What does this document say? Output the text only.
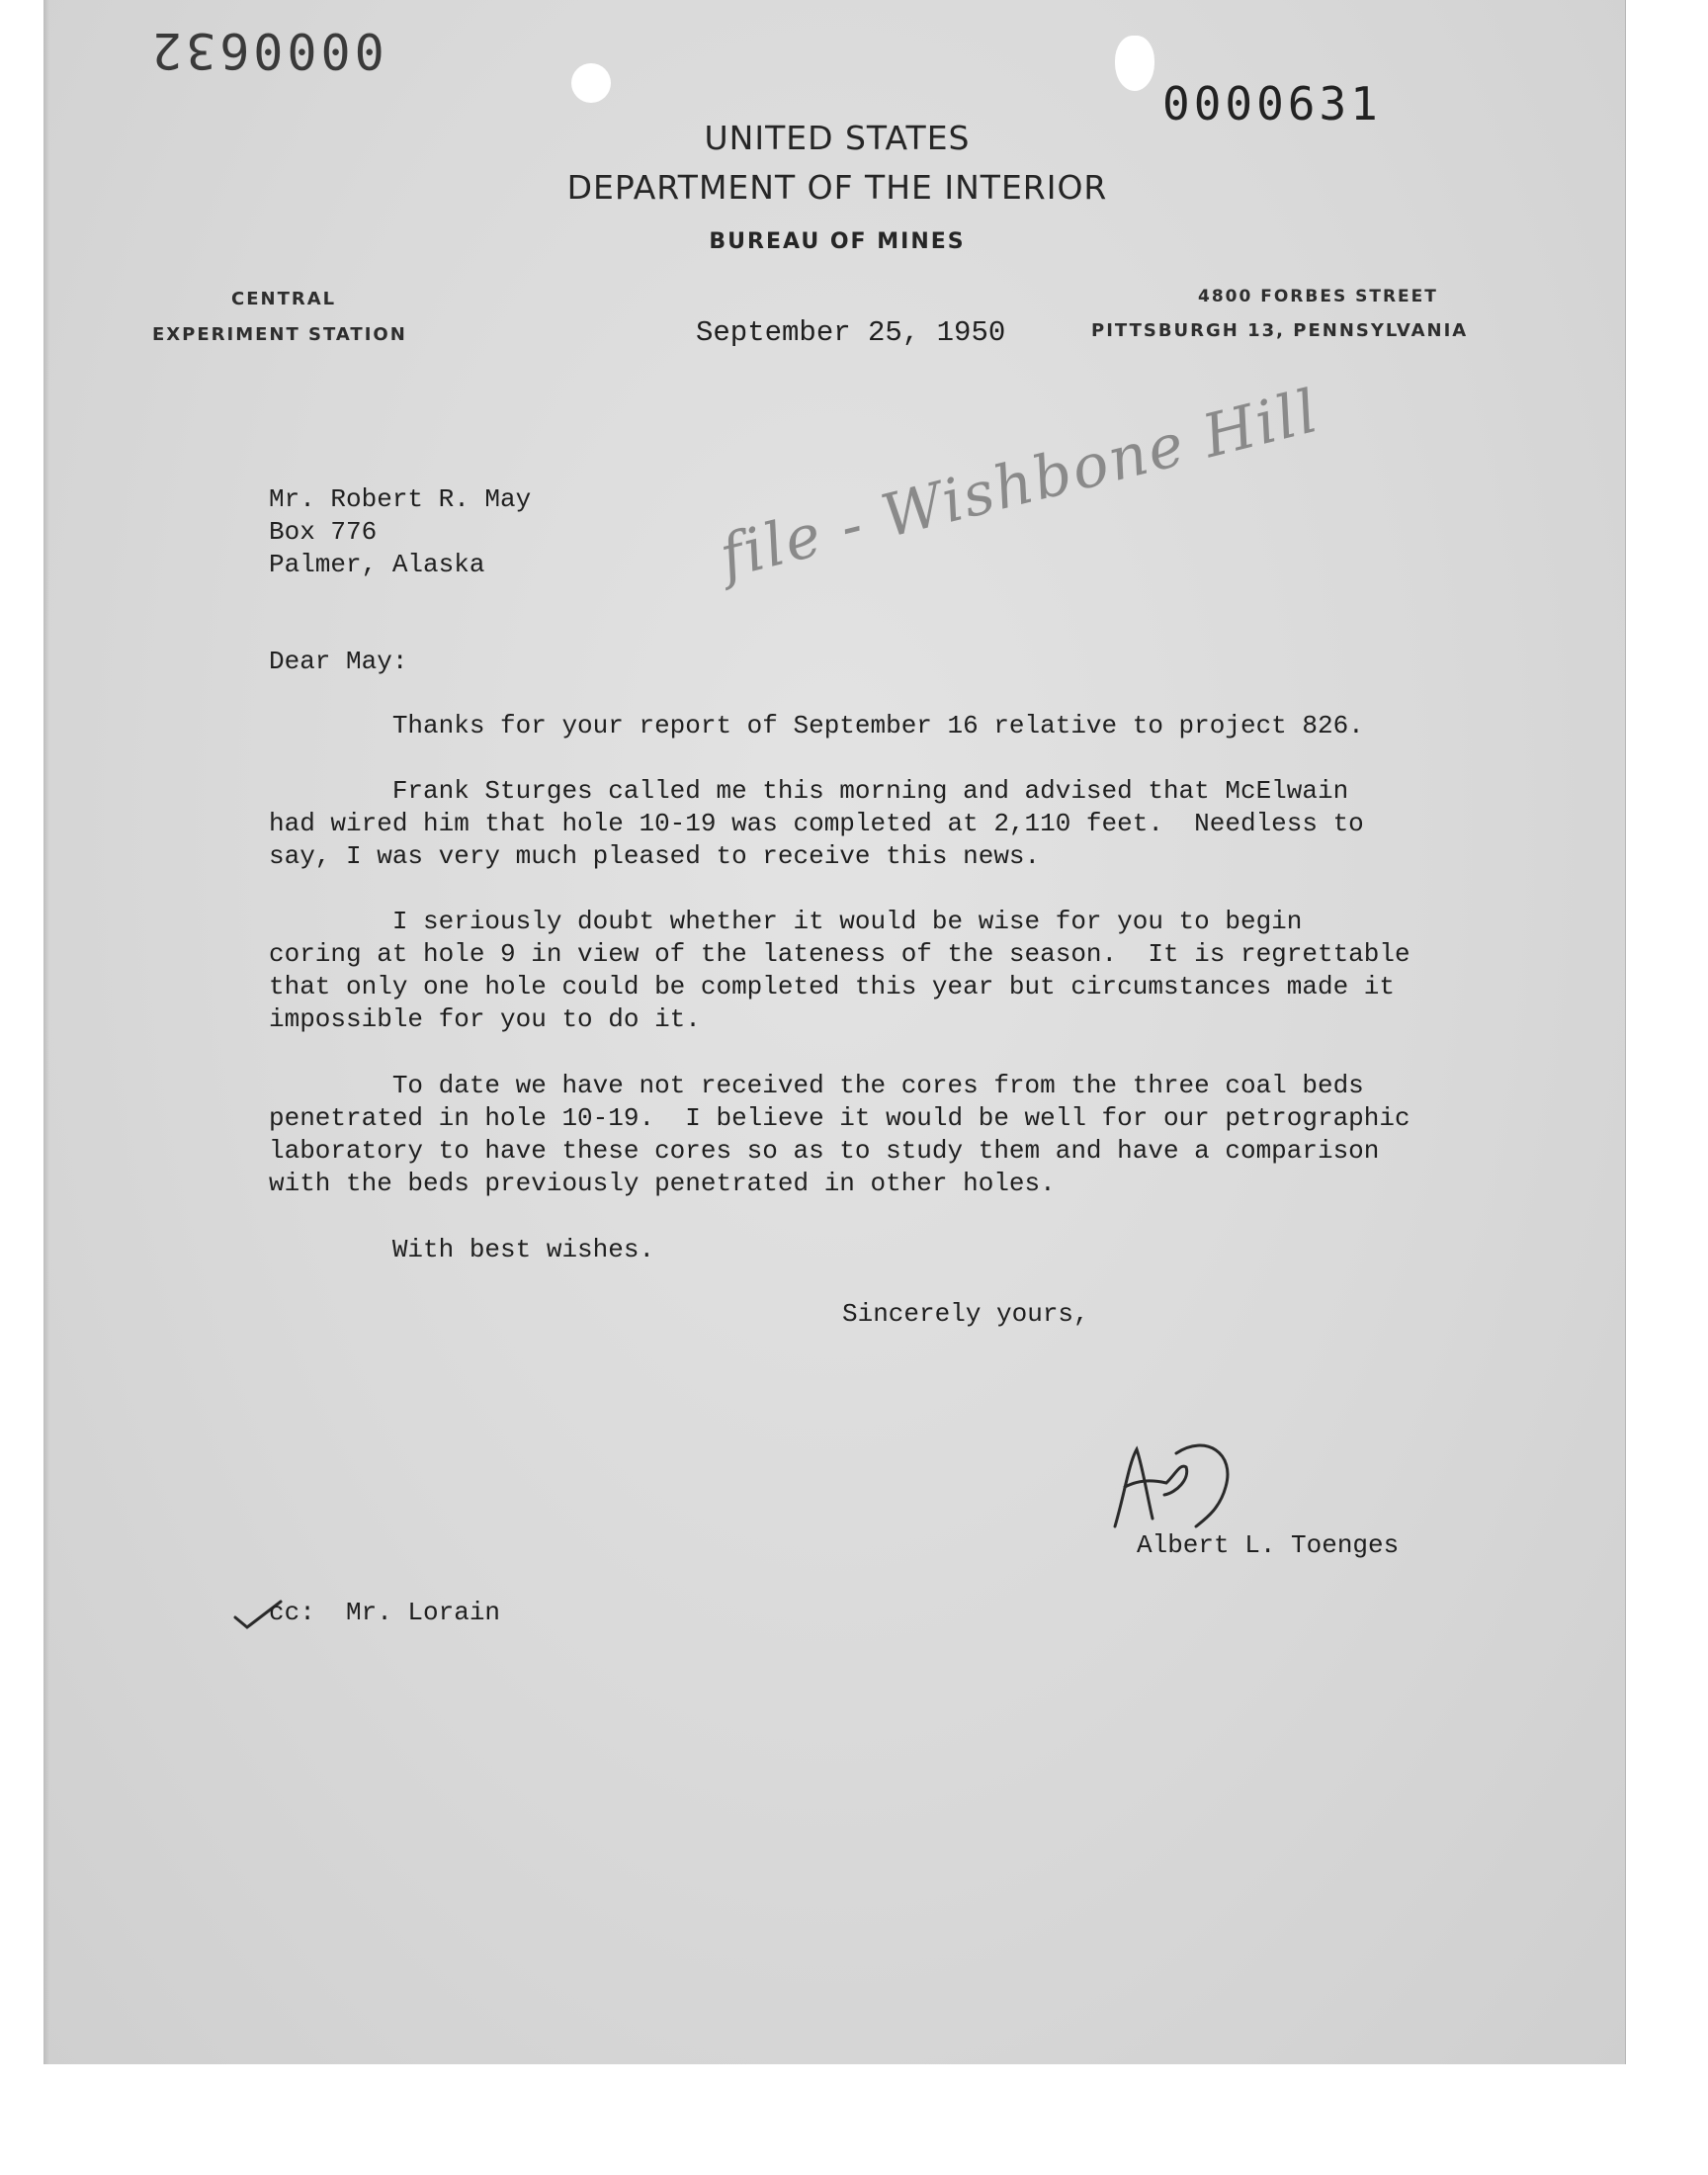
0000632
0000631
UNITED STATES
DEPARTMENT OF THE INTERIOR
BUREAU OF MINES
CENTRAL
EXPERIMENT STATION
4800 FORBES STREET
PITTSBURGH 13, PENNSYLVANIA
September 25, 1950
Mr. Robert R. May
Box 776
Palmer, Alaska	file - Wishbone Hill
Dear May:
Thanks for your report of September 16 relative to project 826.
Frank Sturges called me this morning and advised that McElwain
had wired him that hole 10-19 was completed at 2,110 feet.  Needless to
say, I was very much pleased to receive this news.
I seriously doubt whether it would be wise for you to begin
coring at hole 9 in view of the lateness of the season.  It is regrettable
that only one hole could be completed this year but circumstances made it
impossible for you to do it.
To date we have not received the cores from the three coal beds
penetrated in hole 10-19.  I believe it would be well for our petrographic
laboratory to have these cores so as to study them and have a comparison
with the beds previously penetrated in other holes.
With best wishes.
Sincerely yours,
Albert L. Toenges
cc:  Mr. Lorain
